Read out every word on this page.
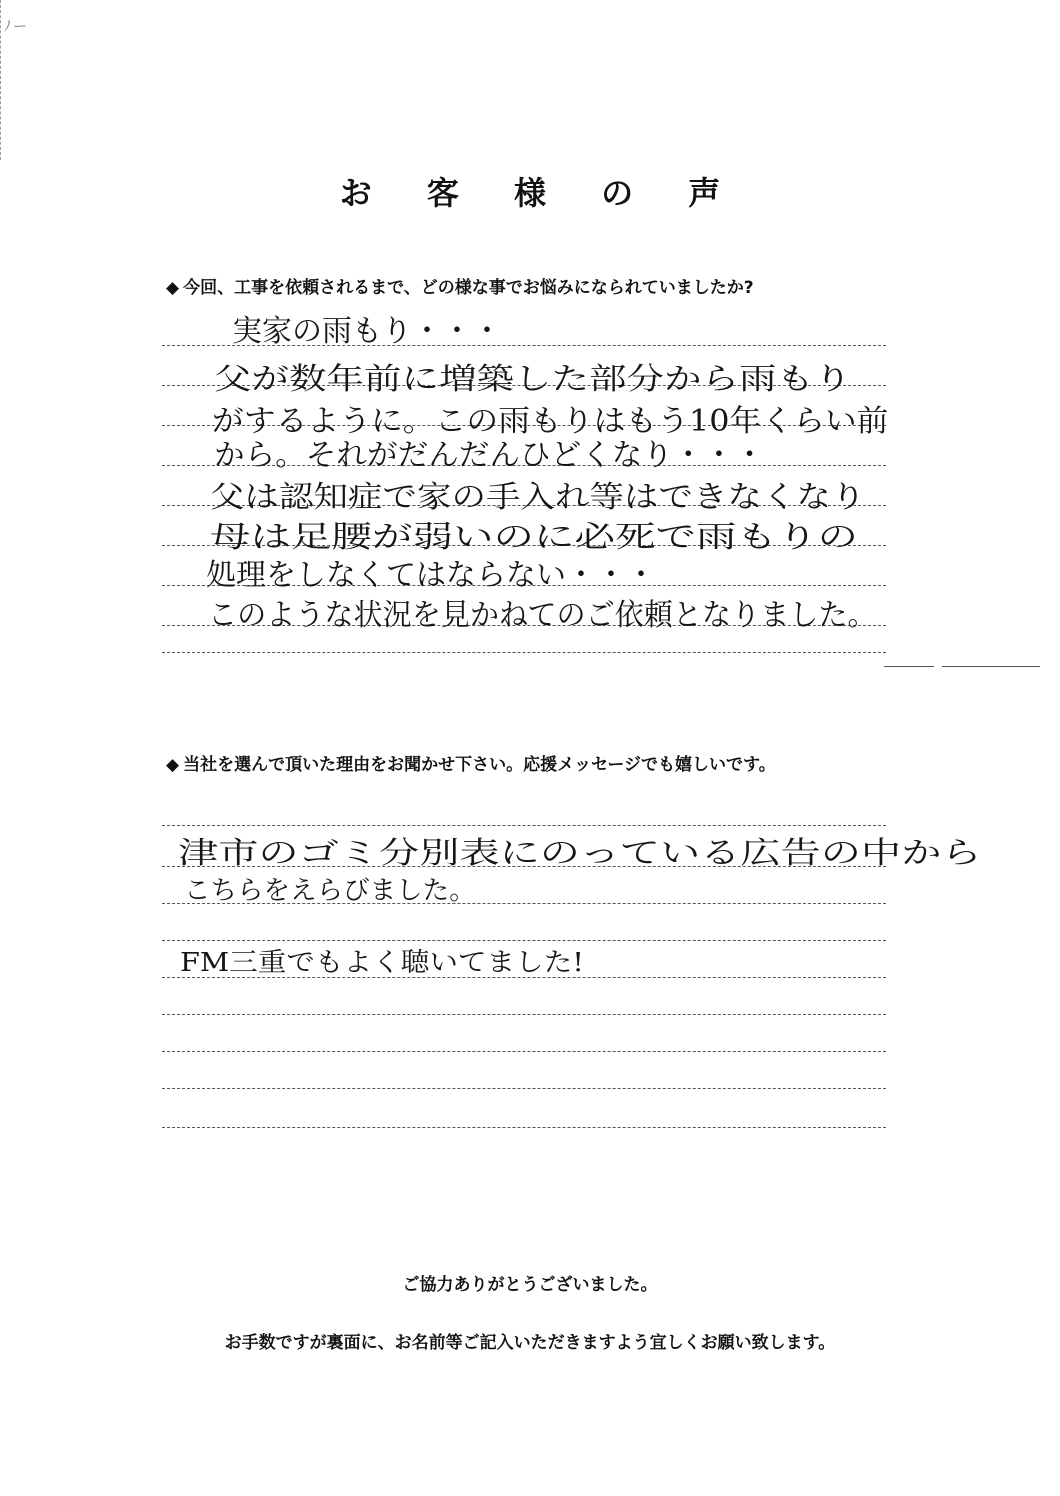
ﾉー
お 客 様 の 声
◆ 今回、工事を依頼されるまで、どの様な事でお悩みになられていましたか?
実家の雨もり・・・
父が数年前に増築した部分から雨もり
がするように。この雨もりはもう10年くらい前
から。それがだんだんひどくなり・・・
父は認知症で家の手入れ等はできなくなり
母は足腰が弱いのに必死で雨もりの
処理をしなくてはならない・・・
このような状況を見かねてのご依頼となりました。
◆ 当社を選んで頂いた理由をお聞かせ下さい。応援メッセージでも嬉しいです。
津市のゴミ分別表にのっている広告の中から
こちらをえらびました。
FM三重でもよく聴いてました!
ご協力ありがとうございました。
お手数ですが裏面に、お名前等ご記入いただきますよう宜しくお願い致します。
